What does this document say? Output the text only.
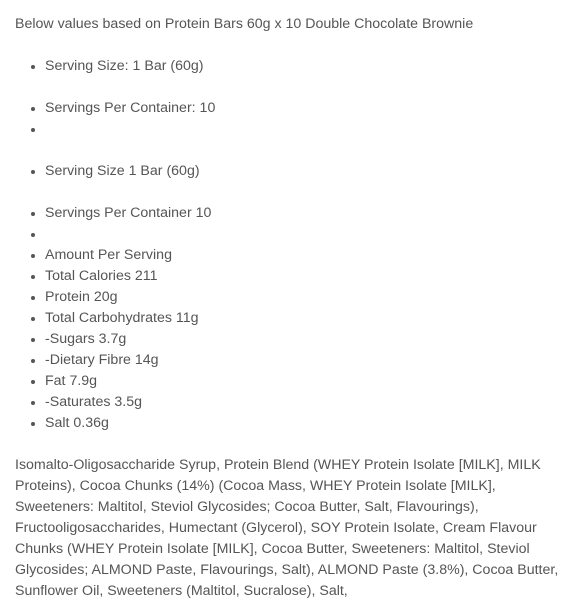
Below values based on Protein Bars 60g x 10 Double Chocolate Brownie

Serving Size: 1 Bar (60g)
Servings Per Container: 10
Serving Size 1 Bar (60g)
Servings Per Container 10
Amount Per Serving
Total Calories 211
Protein 20g
Total Carbohydrates 11g
-Sugars 3.7g
-Dietary Fibre 14g
Fat 7.9g
-Saturates 3.5g
Salt 0.36g

Isomalto-Oligosaccharide Syrup, Protein Blend (WHEY Protein Isolate [MILK], MILK Proteins), Cocoa Chunks (14%) (Cocoa Mass, WHEY Protein Isolate [MILK], Sweeteners: Maltitol, Steviol Glycosides; Cocoa Butter, Salt, Flavourings), Fructooligosaccharides, Humectant (Glycerol), SOY Protein Isolate, Cream Flavour Chunks (WHEY Protein Isolate [MILK], Cocoa Butter, Sweeteners: Maltitol, Steviol Glycosides; ALMOND Paste, Flavourings, Salt), ALMOND Paste (3.8%), Cocoa Butter, Sunflower Oil, Sweeteners (Maltitol, Sucralose), Salt,
